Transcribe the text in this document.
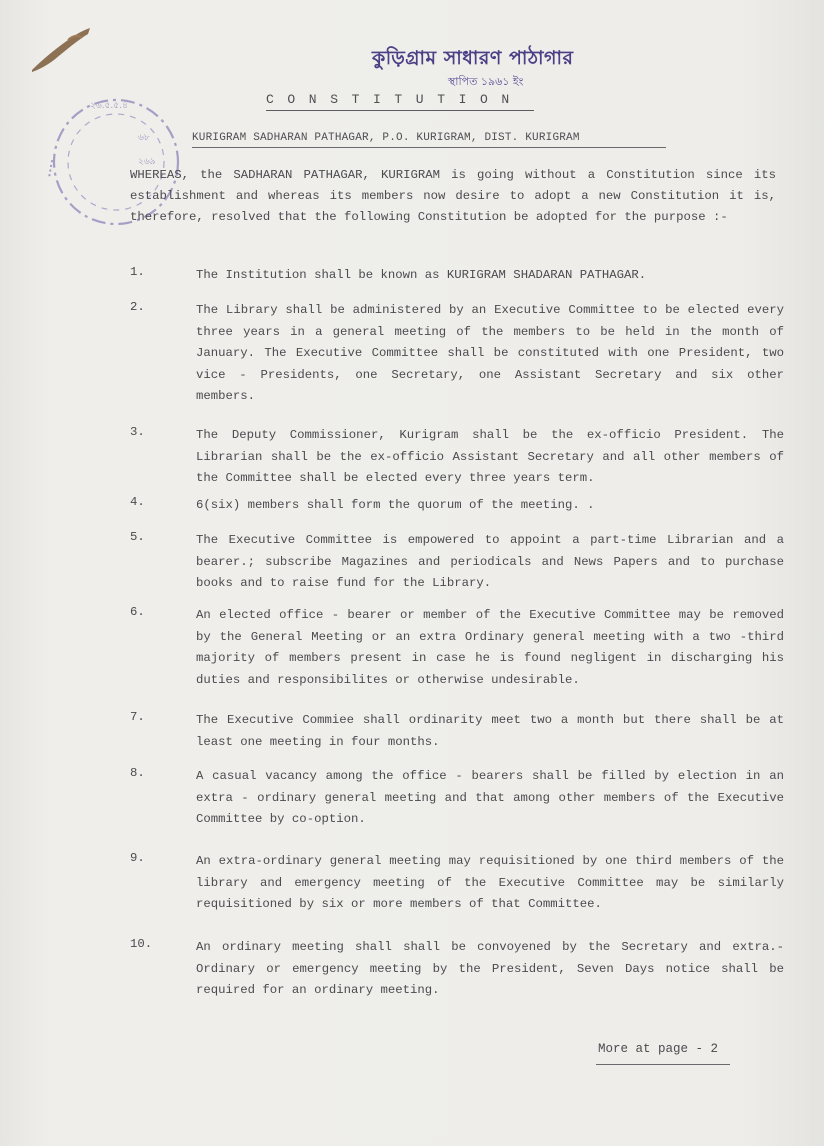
কুড়িগ্রাম সাধারণ পাঠাগার
স্থাপিত ১৯৬১ ইং
CONSTITUTION
KURIGRAM SADHARAN PATHAGAR, P.O. KURIGRAM, DIST. KURIGRAM
২৬.৫.৫.৪
৬৮
২৬৯
••••	WHEREAS, the SADHARAN PATHAGAR, KURIGRAM is going without a Constitution since its establishment and whereas its members now desire to adopt a new Constitution it is, therefore, resolved that the following Constitution be adopted for the purpose :-

1.	The Institution shall be known as KURIGRAM SHADARAN PATHAGAR.

2.	The Library shall be administered by an Executive Committee to be elected every three years in a general meeting of the members to be held in the month of January. The Executive Committee shall be constituted with one President, two vice - Presidents, one Secretary, one Assistant Secretary and six other members.

3.	The Deputy Commissioner, Kurigram shall be the ex-officio President. The Librarian shall be the ex-officio Assistant Secretary and all other members of the Committee shall be elected every three years term.

4.	6(six) members shall form the quorum of the meeting. .

5.	The Executive Committee is empowered to appoint a part-time Librarian and a bearer.; subscribe Magazines and periodicals and News Papers and to purchase books and to raise fund for the Library.

6.	An elected office - bearer or member of the Executive Committee may be removed by the General Meeting or an extra Ordinary general meeting with a two -third majority of members present in case he is found negligent in discharging his duties and responsibilites or otherwise undesirable.

7.	The Executive Commiee shall ordinarity meet two a month but there shall be at least one meeting in four months.

8.	A casual vacancy among the office - bearers shall be filled by election in an extra - ordinary general meeting and that among other members of the Executive Committee by co-option.

9.	An extra-ordinary general meeting may requisitioned by one third members of the library and emergency meeting of the Executive Committee may be similarly requisitioned by six or more members of that Committee.

10.	An ordinary meeting shall shall be convoyened by the Secretary and extra.- Ordinary or emergency meeting by the President, Seven Days notice shall be required for an ordinary meeting.

More at page - 2
